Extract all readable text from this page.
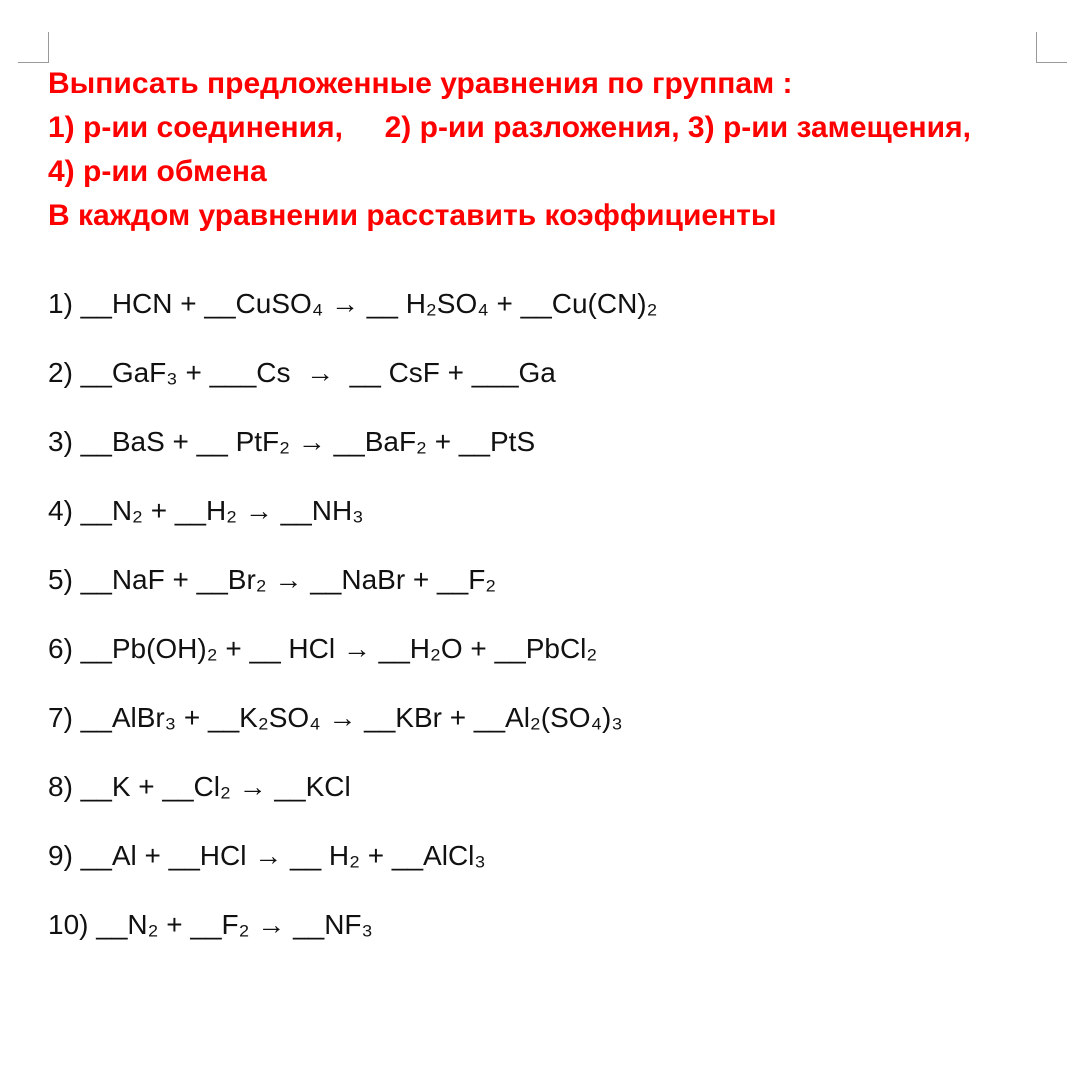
Выписать предложенные уравнения по группам :
1) р-ии соединения,     2) р-ии разложения, 3) р-ии замещения,
4) р-ии обмена
В каждом уравнении расставить коэффициенты
1) __HCN + __CuSO₄ → __ H₂SO₄ + __Cu(CN)₂
2) __GaF₃ + ___Cs  →  __ CsF + ___Ga
3) __BaS + __ PtF₂ → __BaF₂ + __PtS
4) __N₂ + __H₂ → __NH₃
5) __NaF + __Br₂ → __NaBr + __F₂
6) __Pb(OH)₂ + __ HCl → __H₂O + __PbCl₂
7) __AlBr₃ + __K₂SO₄ → __KBr + __Al₂(SO₄)₃
8) __K + __Cl₂ → __KCl
9) __Al + __HCl → __ H₂ + __AlCl₃
10) __N₂ + __F₂ → __NF₃
